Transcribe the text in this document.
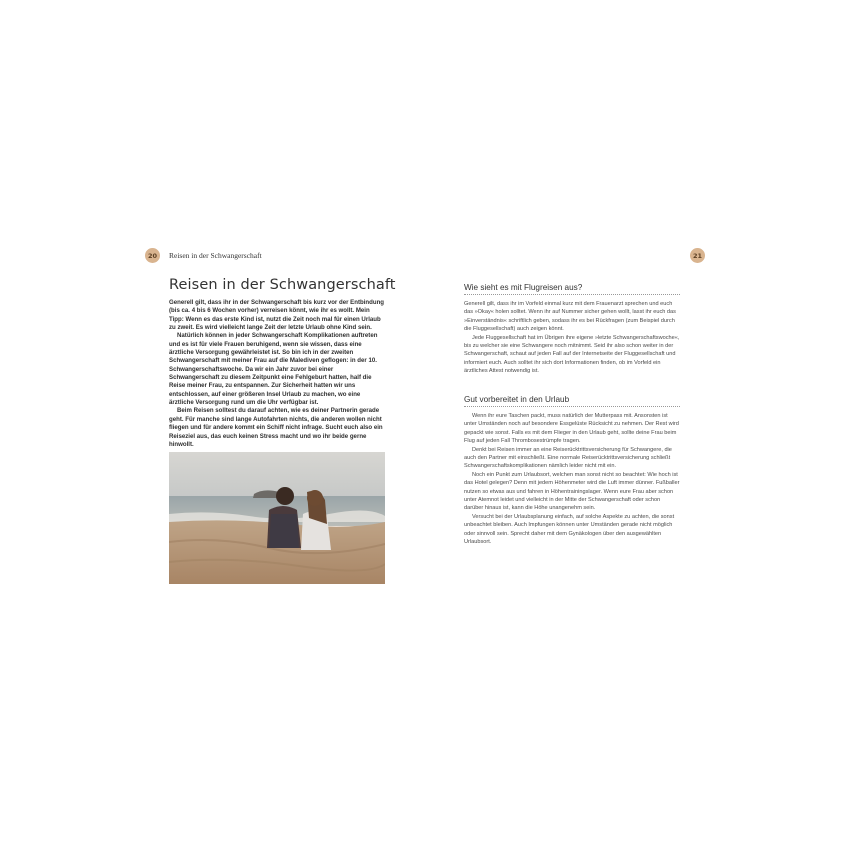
20	Reisen in der Schwangerschaft
Reisen in der Schwangerschaft

Generell gilt, dass ihr in der Schwangerschaft bis kurz vor der Entbindung (bis ca. 4 bis 6 Wochen vorher) verreisen könnt, wie ihr es wollt. Mein Tipp: Wenn es das erste Kind ist, nutzt die Zeit noch mal für einen Urlaub zu zweit. Es wird vielleicht lange Zeit der letzte Urlaub ohne Kind sein.

Natürlich können in jeder Schwangerschaft Komplikationen auftreten und es ist für viele Frauen beruhigend, wenn sie wissen, dass eine ärztliche Versorgung gewährleistet ist. So bin ich in der zweiten Schwangerschaft mit meiner Frau auf die Malediven geflogen: in der 10. Schwangerschaftswoche. Da wir ein Jahr zuvor bei einer Schwangerschaft zu diesem Zeitpunkt eine Fehlgeburt hatten, half die Reise meiner Frau, zu entspannen. Zur Sicherheit hatten wir uns entschlossen, auf einer größeren Insel Urlaub zu machen, wo eine ärztliche Versorgung rund um die Uhr verfügbar ist.

Beim Reisen solltest du darauf achten, wie es deiner Partnerin gerade geht. Für manche sind lange Autofahrten nichts, die anderen wollen nicht fliegen und für andere kommt ein Schiff nicht infrage. Sucht euch also ein Reiseziel aus, das euch keinen Stress macht und wo ihr beide gerne hinwollt.

21
Wie sieht es mit Flugreisen aus?

Generell gilt, dass ihr im Vorfeld einmal kurz mit dem Frauenarzt sprechen und euch das »Okay« holen solltet. Wenn ihr auf Nummer sicher gehen wollt, lasst ihr euch das »Einverständnis« schriftlich geben, sodass ihr es bei Rückfragen (zum Beispiel durch die Fluggesellschaft) auch zeigen könnt.

Jede Fluggesellschaft hat im Übrigen ihre eigene »letzte Schwangerschaftswoche«, bis zu welcher sie eine Schwangere noch mitnimmt. Seid ihr also schon weiter in der Schwangerschaft, schaut auf jeden Fall auf der Internetseite der Fluggesellschaft und informiert euch. Auch solltet ihr sich dort Informationen finden, ob im Vorfeld ein ärztliches Attest notwendig ist.

Gut vorbereitet in den Urlaub

Wenn ihr eure Taschen packt, muss natürlich der Mutterpass mit. Ansonsten ist unter Umständen noch auf besondere Essgelüste Rücksicht zu nehmen. Der Rest wird gepackt wie sonst. Falls es mit dem Flieger in den Urlaub geht, sollte deine Frau beim Flug auf jeden Fall Thrombosestrümpfe tragen.

Denkt bei Reisen immer an eine Reiserücktrittsversicherung für Schwangere, die auch den Partner mit einschließt. Eine normale Reiserücktrittsversicherung schließt Schwangerschaftskomplikationen nämlich leider nicht mit ein.

Noch ein Punkt zum Urlaubsort, welchen man sonst nicht so beachtet: Wie hoch ist das Hotel gelegen? Denn mit jedem Höhenmeter wird die Luft immer dünner. Fußballer nutzen so etwas aus und fahren in Höhentrainingslager. Wenn eure Frau aber schon unter Atemnot leidet und vielleicht in der Mitte der Schwangerschaft oder schon darüber hinaus ist, kann die Höhe unangenehm sein.

Versucht bei der Urlaubsplanung einfach, auf solche Aspekte zu achten, die sonst unbeachtet bleiben. Auch Impfungen können unter Umständen gerade nicht möglich oder sinnvoll sein. Sprecht daher mit dem Gynäkologen über den ausgewählten Urlaubsort.
